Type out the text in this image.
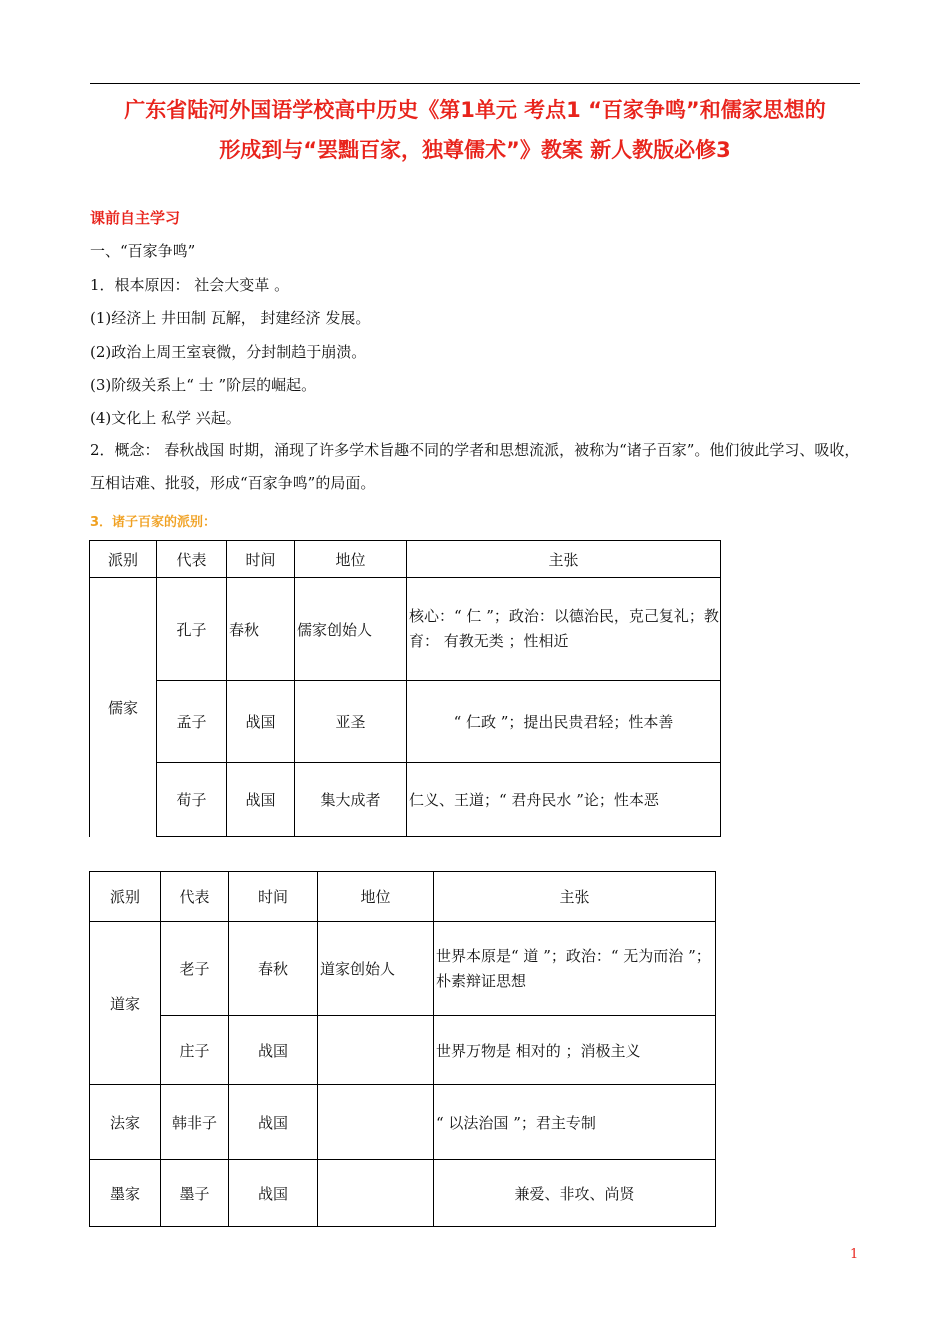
广东省陆河外国语学校高中历史《第1单元 考点1 “百家争鸣”和儒家思想的
形成到与“罢黜百家，独尊儒术”》教案 新人教版必修3
课前自主学习
一、“百家争鸣”
1．根本原因： 社会大变革 。
(1)经济上 井田制 瓦解， 封建经济 发展。
(2)政治上周王室衰微，分封制趋于崩溃。
(3)阶级关系上“ 士 ”阶层的崛起。
(4)文化上 私学 兴起。
2．概念： 春秋战国 时期，涌现了许多学术旨趣不同的学者和思想流派，被称为“诸子百家”。他们彼此学习、吸收，互相诘难、批驳，形成“百家争鸣”的局面。
3．诸子百家的派别：
派别	代表	时间	地位	主张
儒家	孔子	春秋	儒家创始人	核心：“ 仁 ”；政治：以德治民，克己复礼；教育： 有教无类 ；性相近
	孟子	战国	亚圣	“ 仁政 ”；提出民贵君轻；性本善
	荀子	战国	集大成者	仁义、王道；“ 君舟民水 ”论；性本恶
派别	代表	时间	地位	主张
道家	老子	春秋	道家创始人	世界本原是“ 道 ”；政治：“ 无为而治 ”；朴素辩证思想
	庄子	战国		世界万物是 相对的 ；消极主义
法家	韩非子	战国		“ 以法治国 ”；君主专制
墨家	墨子	战国		兼爱、非攻、尚贤
1
